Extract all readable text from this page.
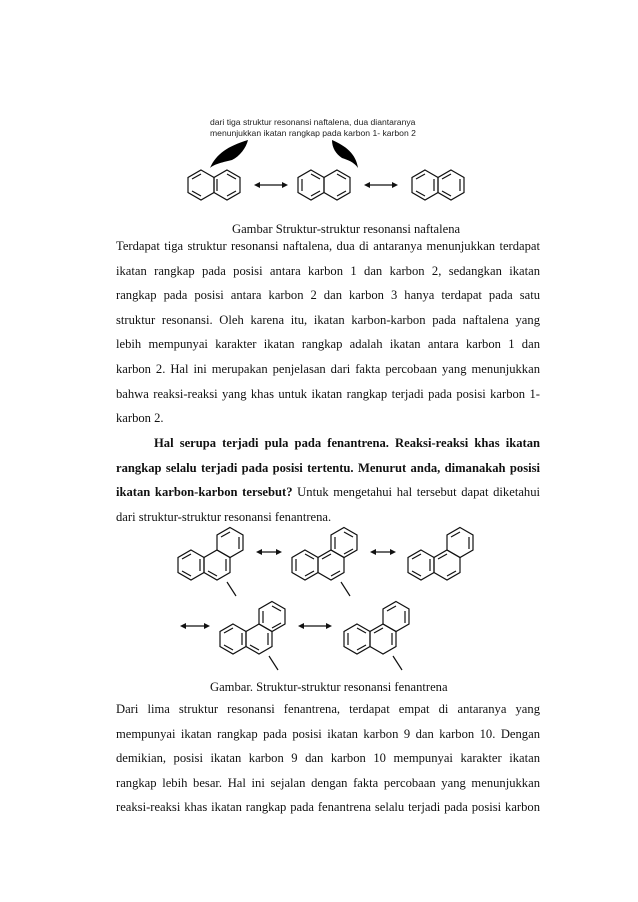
dari tiga struktur resonansi naftalena, dua diantaranya
menunjukkan ikatan rangkap pada karbon 1- karbon 2
Gambar Struktur-struktur resonansi naftalena
Terdapat tiga struktur resonansi naftalena, dua di antaranya menunjukkan terdapat
ikatan rangkap pada posisi antara karbon 1 dan karbon 2, sedangkan ikatan
rangkap pada posisi antara karbon 2 dan karbon 3 hanya terdapat pada satu
struktur resonansi. Oleh karena itu, ikatan karbon-karbon pada naftalena yang
lebih mempunyai karakter ikatan rangkap adalah ikatan antara karbon 1 dan
karbon 2. Hal ini merupakan penjelasan dari fakta percobaan yang menunjukkan
bahwa reaksi-reaksi yang khas untuk ikatan rangkap terjadi pada posisi karbon 1-
karbon 2.
Hal serupa terjadi pula pada fenantrena. Reaksi-reaksi khas ikatan
rangkap selalu terjadi pada posisi tertentu. Menurut anda, dimanakah posisi
ikatan karbon-karbon tersebut? Untuk mengetahui hal tersebut dapat diketahui
dari struktur-struktur resonansi fenantrena.
Gambar. Struktur-struktur resonansi fenantrena
Dari lima struktur resonansi fenantrena, terdapat empat di antaranya yang
mempunyai ikatan rangkap pada posisi ikatan karbon 9 dan karbon 10. Dengan
demikian, posisi ikatan karbon 9 dan karbon 10 mempunyai karakter ikatan
rangkap lebih besar. Hal ini sejalan dengan fakta percobaan yang menunjukkan
reaksi-reaksi khas ikatan rangkap pada fenantrena selalu terjadi pada posisi karbon
